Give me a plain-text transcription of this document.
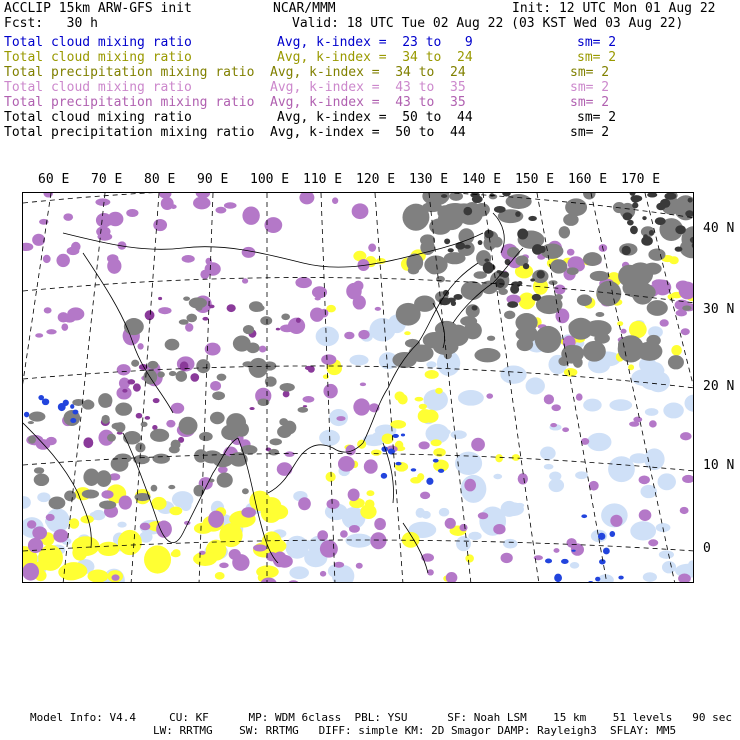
ACCLIP 15km ARW-GFS init	NCAR/MMM	Init: 12 UTC Mon 01 Aug 22
Fcst:   30 h	Valid: 18 UTC Tue 02 Aug 22 (03 KST Wed 03 Aug 22)
Total cloud mixing ratio	Avg, k-index =  23 to   9	sm= 2
Total cloud mixing ratio	Avg, k-index =  34 to  24	sm= 2
Total precipitation mixing ratio Avg, k-index =  34 to  24	sm= 2
Total cloud mixing ratio	Avg, k-index =  43 to  35	sm= 2
Total precipitation mixing ratio Avg, k-index =  43 to  35	sm= 2
Total cloud mixing ratio	Avg, k-index =  50 to  44	sm= 2
Total precipitation mixing ratio Avg, k-index =  50 to  44	sm= 2
60 E 70 E 80 E 90 E 100 E 110 E 120 E 130 E 140 E 150 E 160 E 170 E
40 N
30 N
20 N
10 N
0
Model Info: V4.4     CU: KF      MP: WDM 6class  PBL: YSU      SF: Noah LSM    15 km    51 levels   90 sec
LW: RRTMG    SW: RRTMG   DIFF: simple KM: 2D Smagor DAMP: Rayleigh3  SFLAY: MM5
